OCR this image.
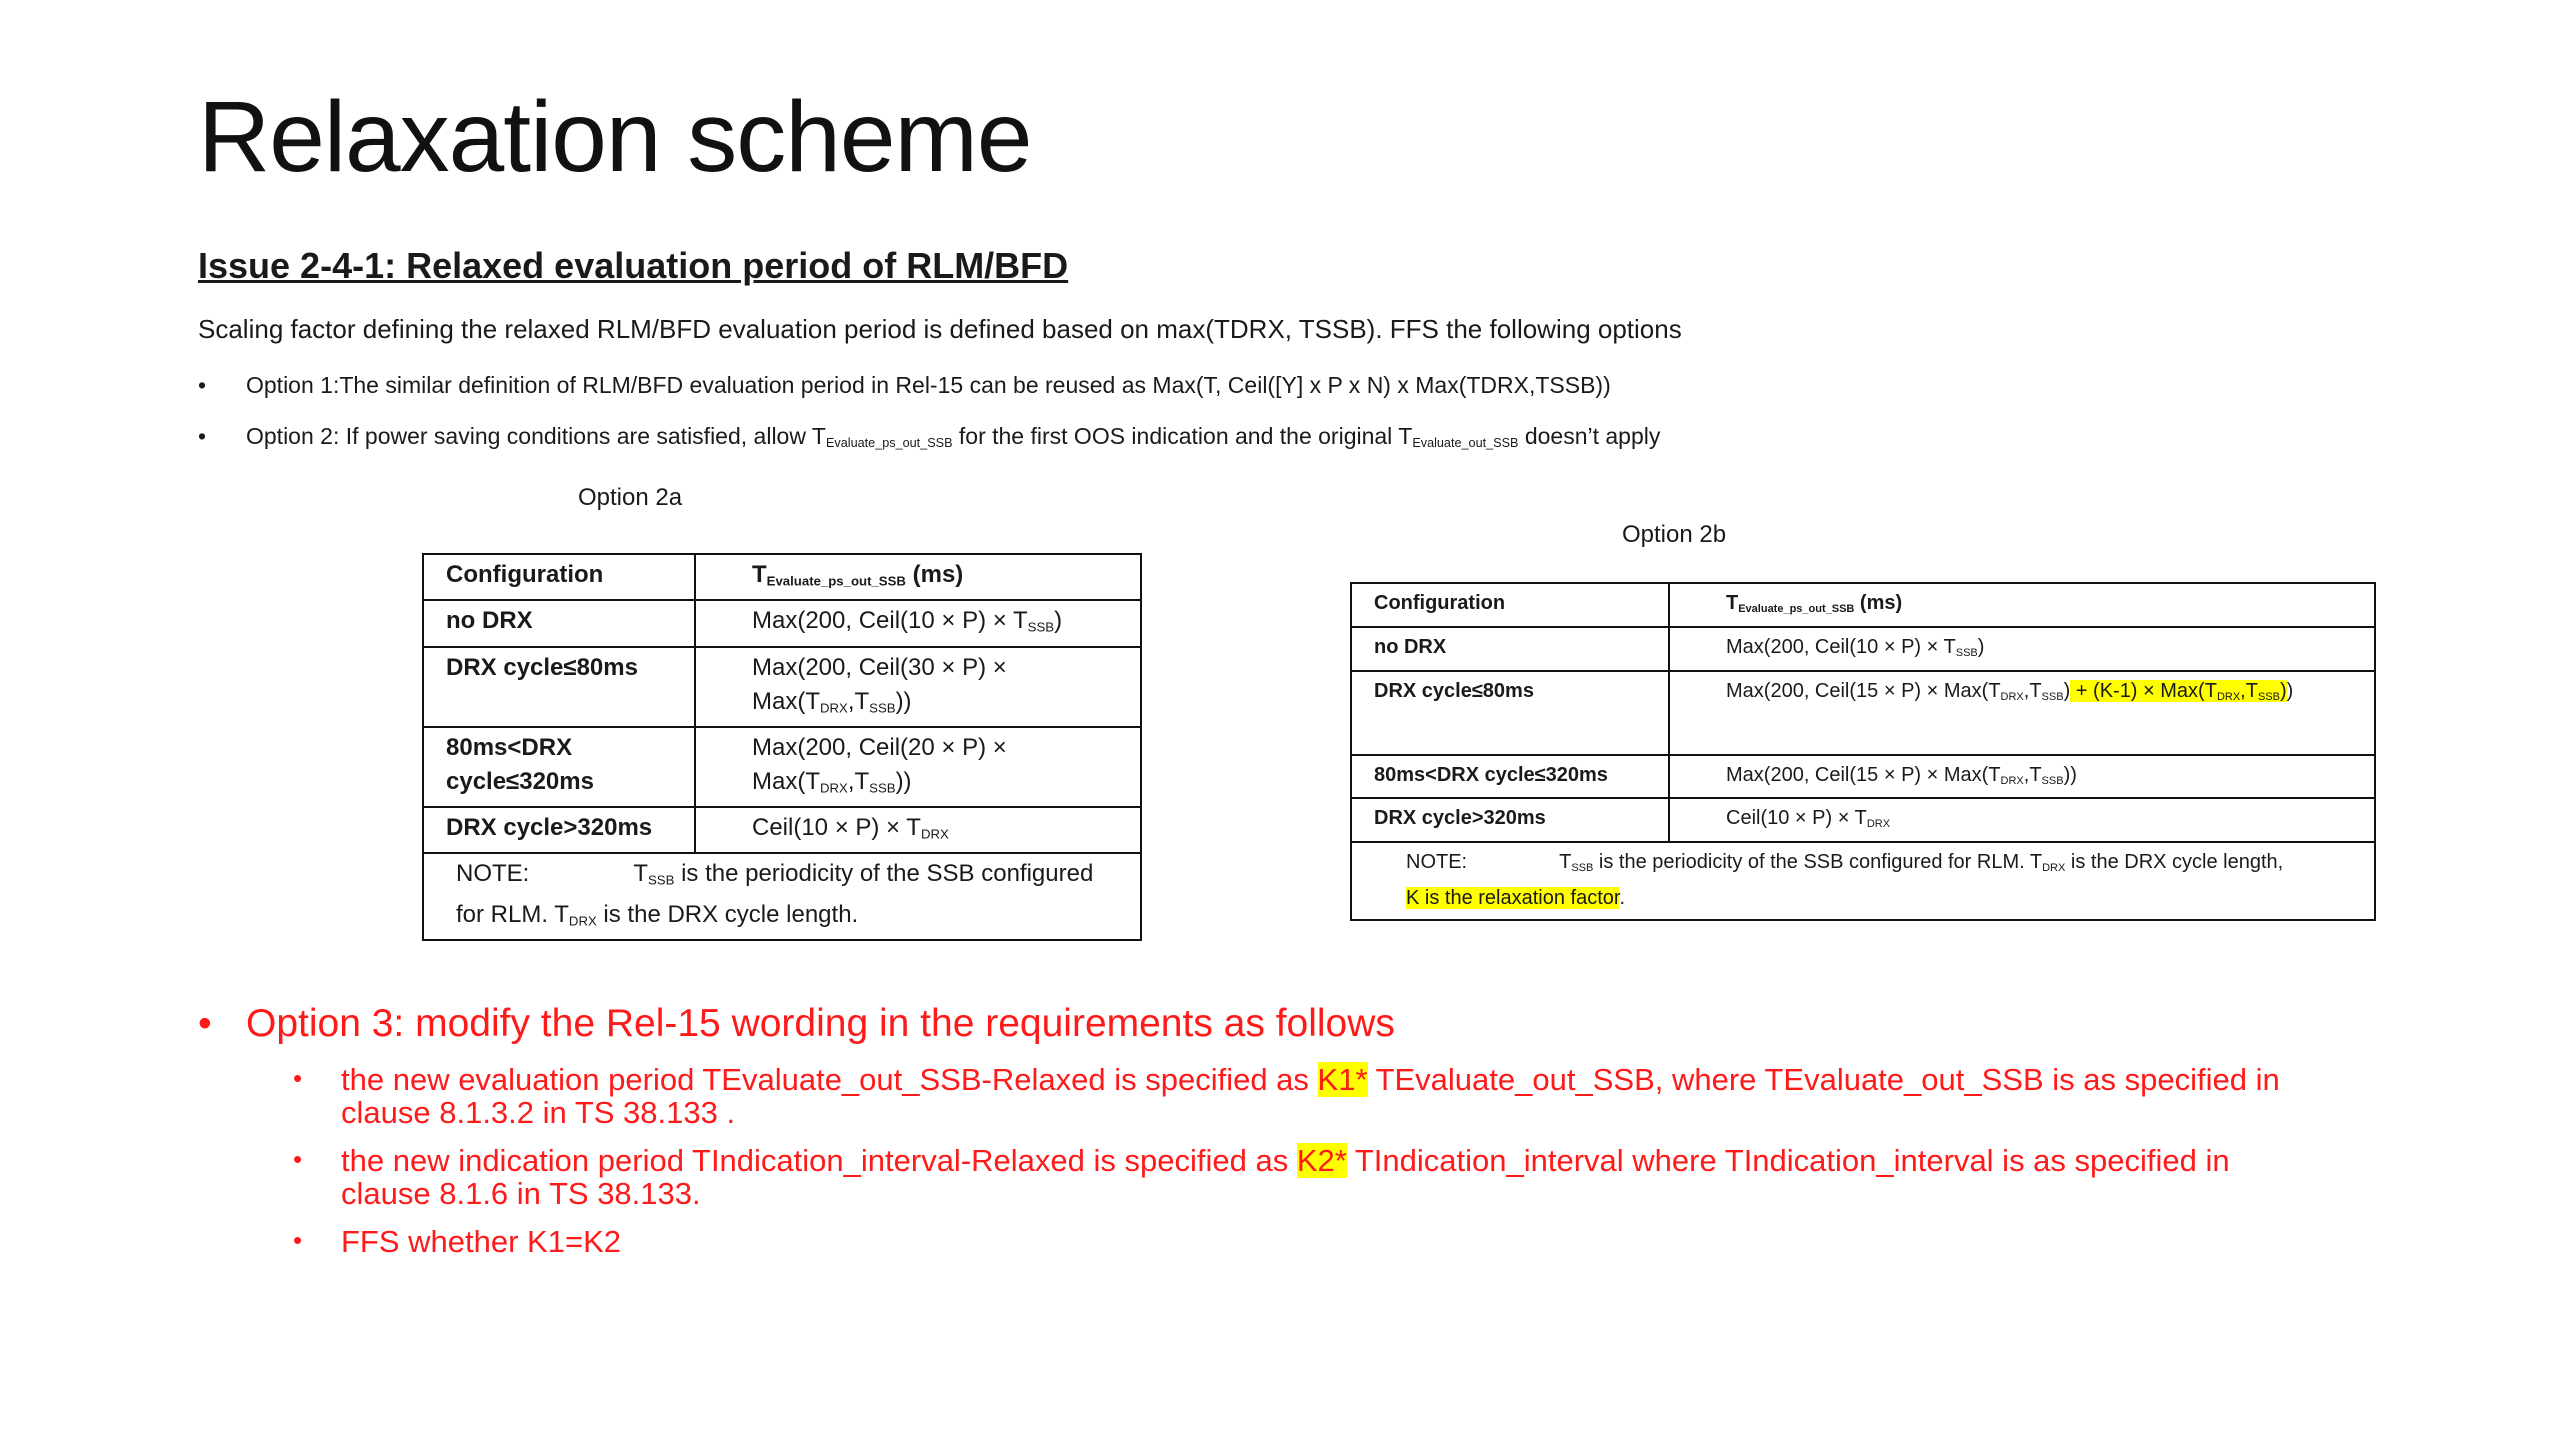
Relaxation scheme
Issue 2-4-1: Relaxed evaluation period of RLM/BFD
Scaling factor defining the relaxed RLM/BFD evaluation period is defined based on max(TDRX, TSSB). FFS the following options
• Option 1:The similar definition of RLM/BFD evaluation period in Rel-15 can be reused as Max(T, Ceil([Y] x P x N) x Max(TDRX,TSSB))
• Option 2: If power saving conditions are satisfied, allow $T_{Evaluate\_ps\_out\_SSB}$ for the first OOS indication and the original $T_{Evaluate\_out\_SSB}$ doesn’t apply
Option 2a
Option 2b
Configuration	$T_{Evaluate\_ps\_out\_SSB}$ (ms)
no DRX	Max(200, Ceil(10 × $P) \times T_{SSB}$)
DRX cycle≤80ms	Max(200, Ceil(30 × P) ×
$Max(T_{DRX},T_{SSB})$)
80ms<DRX
cycle≤320ms	Max(200, Ceil(20 × P) ×
$Max(T_{DRX},T_{SSB})$)
DRX cycle>320ms	Ceil(10 × $P) \times T_{DRX}$
NOTE: $T_{SSB}$ is the periodicity of the SSB configured
for RLM. $T_{DRX}$ is the DRX cycle length.	
Configuration	$T_{Evaluate\_ps\_out\_SSB}$ (ms)
no DRX	Max(200, Ceil(10 × $P) \times T_{SSB}$)
DRX cycle≤80ms	Max(200, Ceil(15 × $P) \times Max(T_{DRX},T_{SSB}) + (K-1) \times Max(T_{DRX},T_{SSB})$)
80ms<DRX cycle≤320ms	Max(200, Ceil(15 × $P) \times Max(T_{DRX},T_{SSB})$)
DRX cycle>320ms	Ceil(10 × $P) \times T_{DRX}$
NOTE: $T_{SSB}$ is the periodicity of the SSB configured for RLM. $T_{DRX}$ is the DRX cycle length,
K is the relaxation factor.	
• Option 3: modify the Rel-15 wording in the requirements as follows
• the new evaluation period TEvaluate_out_SSB-Relaxed is specified as K1* TEvaluate_out_SSB, where TEvaluate_out_SSB is as specified in
clause 8.1.3.2 in TS 38.133 .
• the new indication period TIndication_interval-Relaxed is specified as K2* TIndication_interval where TIndication_interval is as specified in
clause 8.1.6 in TS 38.133.
• FFS whether K1=K2
